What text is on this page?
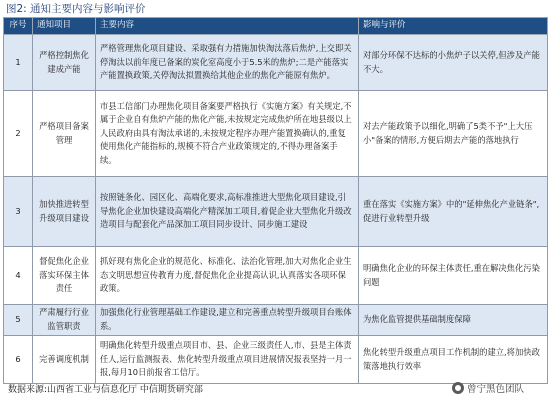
图2: 通知主要内容与影响评价
序号	通知项目	主要内容	影响与评价
1	严格控制焦化建成产能	严格管理焦化项目建设、采取强有力措施加快淘汰落后焦炉,上交即关停淘汰以前年度已备案的炭化室高度小于5.5米的焦炉;二是产能落实产能置换政策,关停淘汰拟置换给其他企业的焦化产能原有焦炉。	对部分环保不达标的小焦炉子以关停,但涉及产能不大。
2	严格项目备案管理	市县工信部门办理焦化项目备案要严格执行《实施方案》有关规定,不属于企业自有焦炉产能的焦化产能,未按规定完成焦炉所在地县级以上人民政府由具有淘汰承诺的,未按规定程序办理产能置换确认的,重复使用焦化产能指标的,规模不符合产业政策规定的,不得办理备案手续。	对去产能政策予以细化,明确了5类不予"上大压小"备案的情形,方便后期去产能的落地执行
3	加快推进转型升级项目建设	按照链条化、园区化、高端化要求,高标准推进大型焦化项目建设,引导焦化企业加快建设高端化产精深加工项目,着促企业大型焦化升级改造项目与配套化产品深加工项目同步设计、同步施工建设	重在落实《实施方案》中的"延伸焦化产业链条",促进行业转型升级
4	督促焦化企业落实环保主体责任	抓好现有焦化企业的规范化、标准化、法治化管理,加大对焦化企业生态文明思想宣传教育力度,督促焦化企业提高认识,认真落实各项环保政策。	明确焦化企业的环保主体责任,重在解决焦化污染问题
5	严肃履行行业监管职责	加强焦化行业管理基础工作建设,建立和完善重点转型升级项目台账体系。	为焦化监管提供基础制度保障
6	完善调度机制	明确焦化转型升级重点项目市、县、企业三级责任人,市、县是主体责任人,运行监测报表、焦化转型升级重点项目进展情况报表坚持一月一报,每月10日前报省工信厅。	焦化转型升级重点项目工作机制的建立,将加快政策落地执行效率
数据来源:山西省工业与信息化厅 中信期货研究部	曾宁黑色团队
